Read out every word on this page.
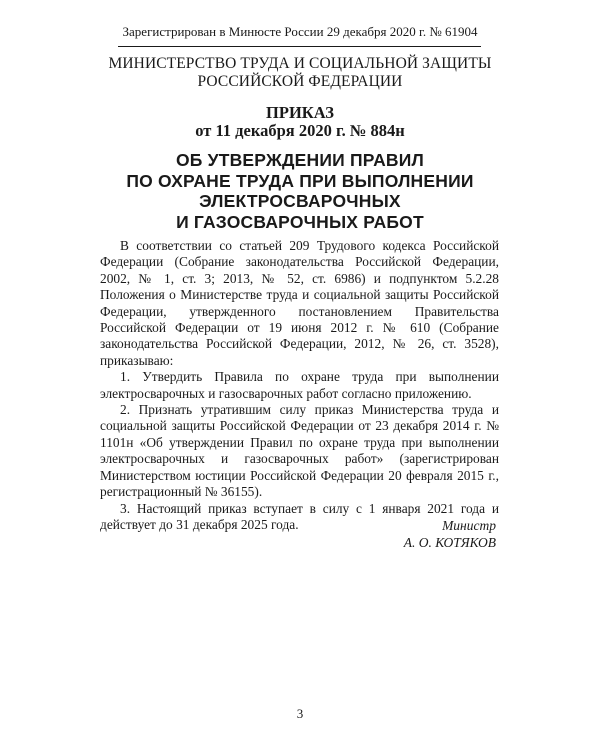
Зарегистрирован в Минюсте России 29 декабря 2020 г. № 61904
МИНИСТЕРСТВО ТРУДА И СОЦИАЛЬНОЙ ЗАЩИТЫ
РОССИЙСКОЙ ФЕДЕРАЦИИ
ПРИКАЗ
от 11 декабря 2020 г. № 884н
ОБ УТВЕРЖДЕНИИ ПРАВИЛ
ПО ОХРАНЕ ТРУДА ПРИ ВЫПОЛНЕНИИ
ЭЛЕКТРОСВАРОЧНЫХ
И ГАЗОСВАРОЧНЫХ РАБОТ

В соответствии со статьей 209 Трудового кодекса Российской Федерации (Собрание законодательства Российской Федерации, 2002, № 1, ст. 3; 2013, № 52, ст. 6986) и подпунктом 5.2.28 Положения о Министерстве труда и социальной защиты Российской Федерации, утвержденного постановлением Правительства Российской Федерации от 19 июня 2012 г. № 610 (Собрание законодательства Российской Федерации, 2012, № 26, ст. 3528), приказываю:

1. Утвердить Правила по охране труда при выполнении электросварочных и газосварочных работ согласно приложению.

2. Признать утратившим силу приказ Министерства труда и социальной защиты Российской Федерации от 23 декабря 2014 г. № 1101н «Об утверждении Правил по охране труда при выполнении электросварочных и газосварочных работ» (зарегистрирован Министерством юстиции Российской Федерации 20 февраля 2015 г., регистрационный № 36155).

3. Настоящий приказ вступает в силу с 1 января 2021 года и действует до 31 декабря 2025 года.	Министр
А. О. КОТЯКОВ
3
